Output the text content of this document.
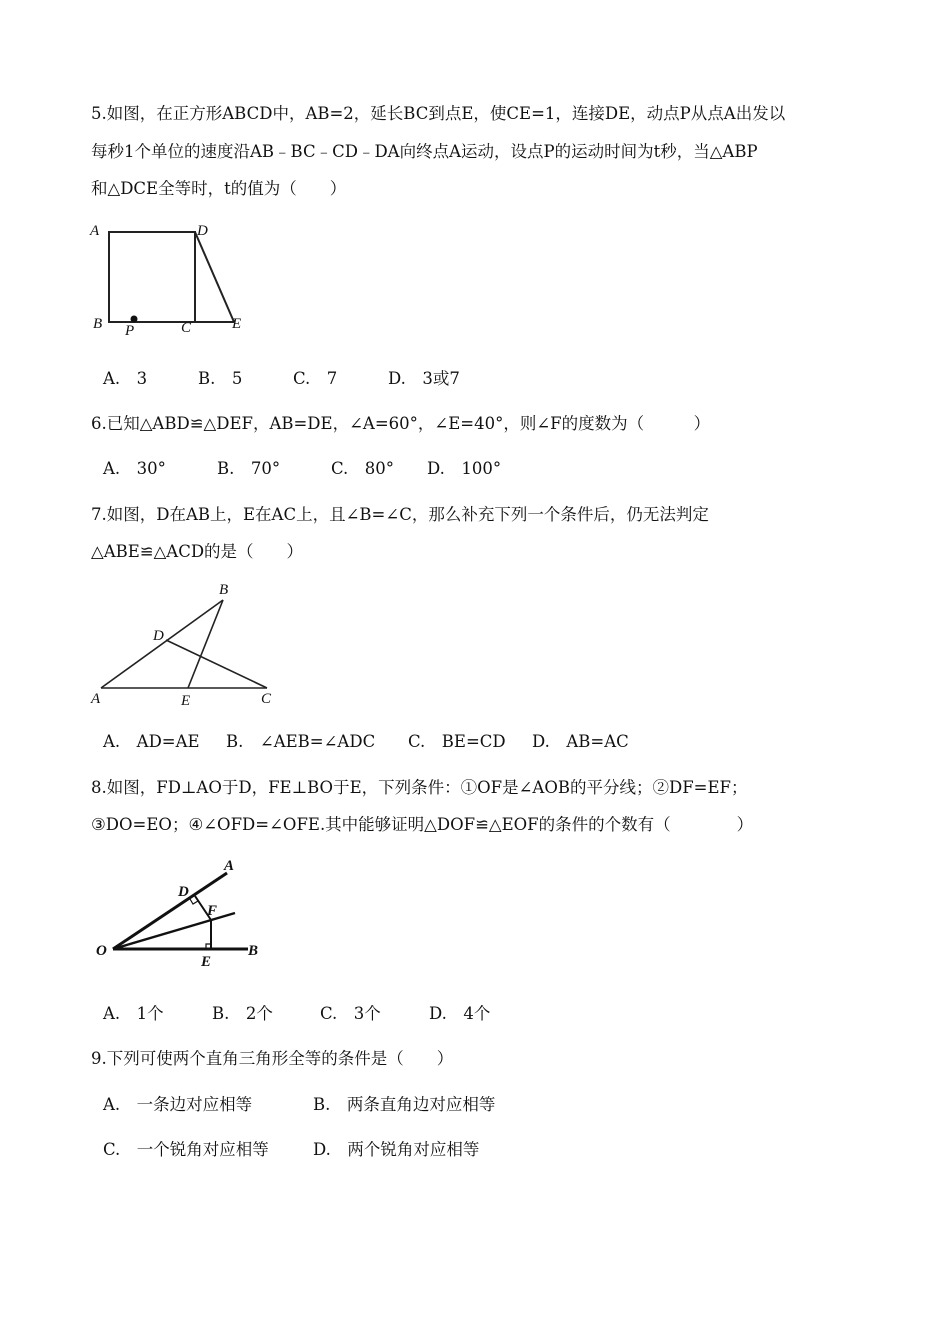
5.如图，在正方形ABCD中，AB=2，延长BC到点E，使CE=1，连接DE，动点P从点A出发以
每秒1个单位的速度沿AB﹣BC﹣CD﹣DA向终点A运动，设点P的运动时间为t秒，当△ABP
和△DCE全等时，t的值为（　　）
A	D
B P	C	E
A.　3	B.　5	C.　7	D.　3或7
6.已知△ABD≌△DEF，AB=DE，∠A=60°，∠E=40°，则∠F的度数为（　　　）
A.　30°	B.　70°	C.　80° D.　100°
7.如图，D在AB上，E在AC上，且∠B=∠C，那么补充下列一个条件后，仍无法判定
△ABE≌△ACD的是（　　）
B
D
A	E	C
A.　AD=AE B.　∠AEB=∠ADC C.　BE=CD D.　AB=AC
8.如图，FD⊥AO于D，FE⊥BO于E，下列条件：①OF是∠AOB的平分线；②DF=EF；
③DO=EO；④∠OFD=∠OFE.其中能够证明△DOF≌△EOF的条件的个数有（　　　　）
A
D
F
O	B
E
A.　1个	B.　2个	C.　3个	D.　4个
9.下列可使两个直角三角形全等的条件是（　　）
A.　一条边对应相等	B.　两条直角边对应相等
C.　一个锐角对应相等	D.　两个锐角对应相等
